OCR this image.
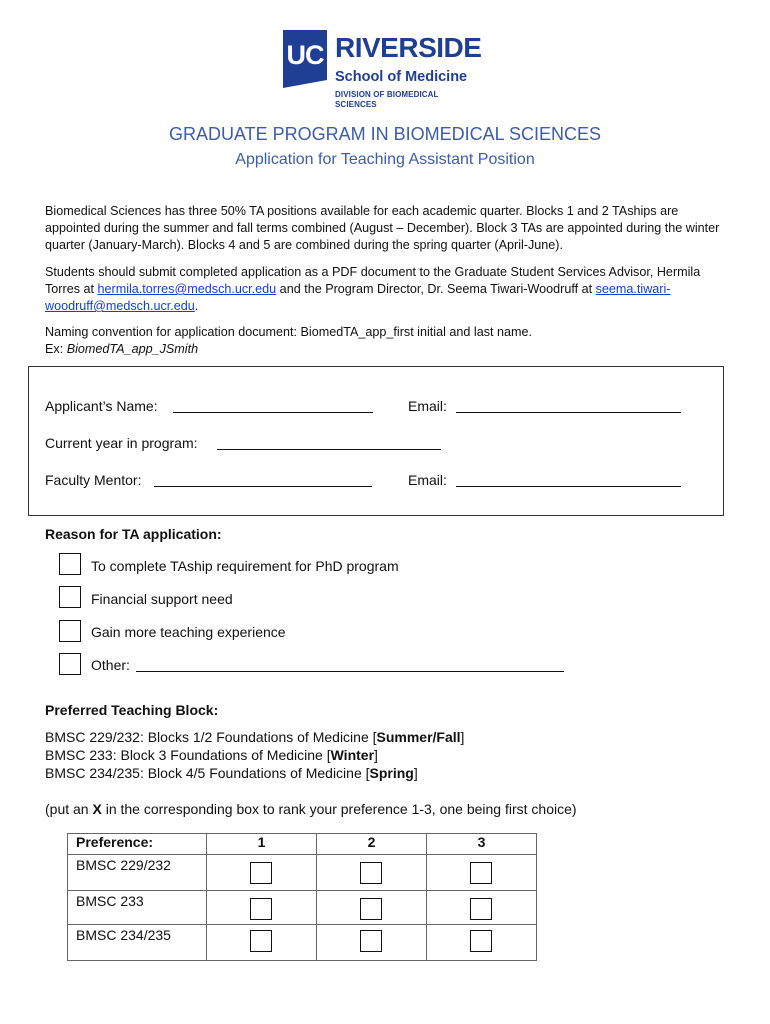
UC RIVERSIDE
School of Medicine
DIVISION OF BIOMEDICAL SCIENCES
GRADUATE PROGRAM IN BIOMEDICAL SCIENCES
Application for Teaching Assistant Position
Biomedical Sciences has three 50% TA positions available for each academic quarter. Blocks 1 and 2 TAships are appointed during the summer and fall terms combined (August – December). Block 3 TAs are appointed during the winter quarter (January-March). Blocks 4 and 5 are combined during the spring quarter (April-June).
Students should submit completed application as a PDF document to the Graduate Student Services Advisor, Hermila Torres at hermila.torres@medsch.ucr.edu and the Program Director, Dr. Seema Tiwari-Woodruff at seema.tiwari-woodruff@medsch.ucr.edu.
Naming convention for application document: BiomedTA_app_first initial and last name.
Ex: BiomedTA_app_JSmith
Applicant’s Name:	Email:
Current year in program:
Faculty Mentor:	Email:
Reason for TA application:
To complete TAship requirement for PhD program
Financial support need
Gain more teaching experience
Other:
Preferred Teaching Block:
BMSC 229/232: Blocks 1/2 Foundations of Medicine [Summer/Fall]
BMSC 233: Block 3 Foundations of Medicine [Winter]
BMSC 234/235: Block 4/5 Foundations of Medicine [Spring]
(put an X in the corresponding box to rank your preference 1-3, one being first choice)
Preference:	1	2	3
BMSC 229/232	

BMSC 233	

BMSC 234/235	
